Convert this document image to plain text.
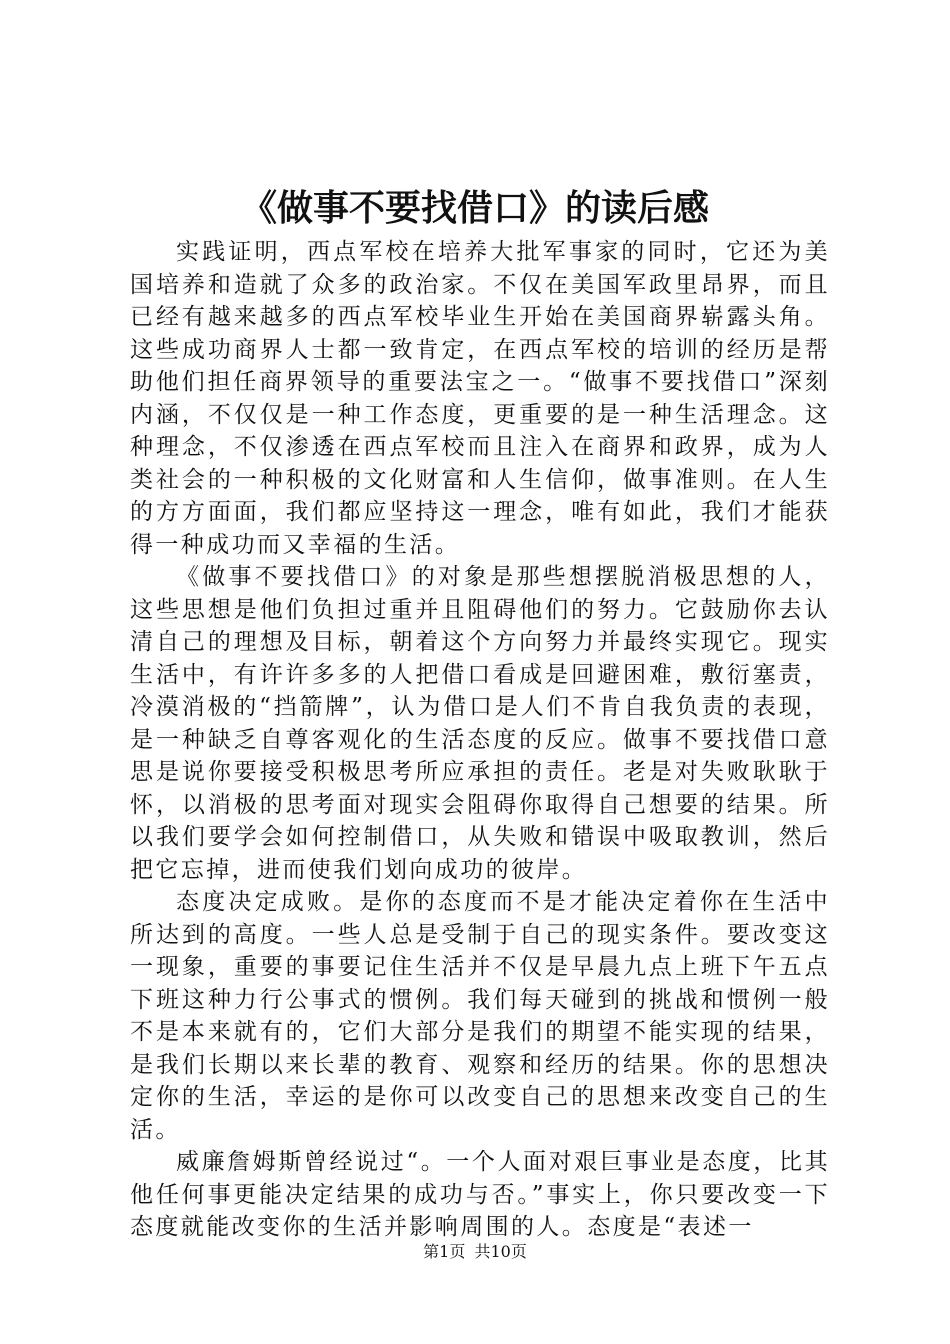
《做事不要找借口》的读后感

实践证明，西点军校在培养大批军事家的同时，它还为美国培养和造就了众多的政治家。不仅在美国军政里昂界，而且已经有越来越多的西点军校毕业生开始在美国商界崭露头角。这些成功商界人士都一致肯定，在西点军校的培训的经历是帮助他们担任商界领导的重要法宝之一。“做事不要找借口”深刻内涵，不仅仅是一种工作态度，更重要的是一种生活理念。这种理念，不仅渗透在西点军校而且注入在商界和政界，成为人类社会的一种积极的文化财富和人生信仰，做事准则。在人生的方方面面，我们都应坚持这一理念，唯有如此，我们才能获得一种成功而又幸福的生活。

《做事不要找借口》的对象是那些想摆脱消极思想的人，这些思想是他们负担过重并且阻碍他们的努力。它鼓励你去认清自己的理想及目标，朝着这个方向努力并最终实现它。现实生活中，有许许多多的人把借口看成是回避困难，敷衍塞责，冷漠消极的“挡箭牌”，认为借口是人们不肯自我负责的表现，是一种缺乏自尊客观化的生活态度的反应。做事不要找借口意思是说你要接受积极思考所应承担的责任。老是对失败耿耿于怀，以消极的思考面对现实会阻碍你取得自己想要的结果。所以我们要学会如何控制借口，从失败和错误中吸取教训，然后把它忘掉，进而使我们划向成功的彼岸。

态度决定成败。是你的态度而不是才能决定着你在生活中所达到的高度。一些人总是受制于自己的现实条件。要改变这一现象，重要的事要记住生活并不仅是早晨九点上班下午五点下班这种力行公事式的惯例。我们每天碰到的挑战和惯例一般不是本来就有的，它们大部分是我们的期望不能实现的结果，是我们长期以来长辈的教育、观察和经历的结果。你的思想决定你的生活，幸运的是你可以改变自己的思想来改变自己的生活。

威廉詹姆斯曾经说过“。一个人面对艰巨事业是态度，比其他任何事更能决定结果的成功与否。”事实上，你只要改变一下态度就能改变你的生活并影响周围的人。态度是“表述一

第1页 共10页
